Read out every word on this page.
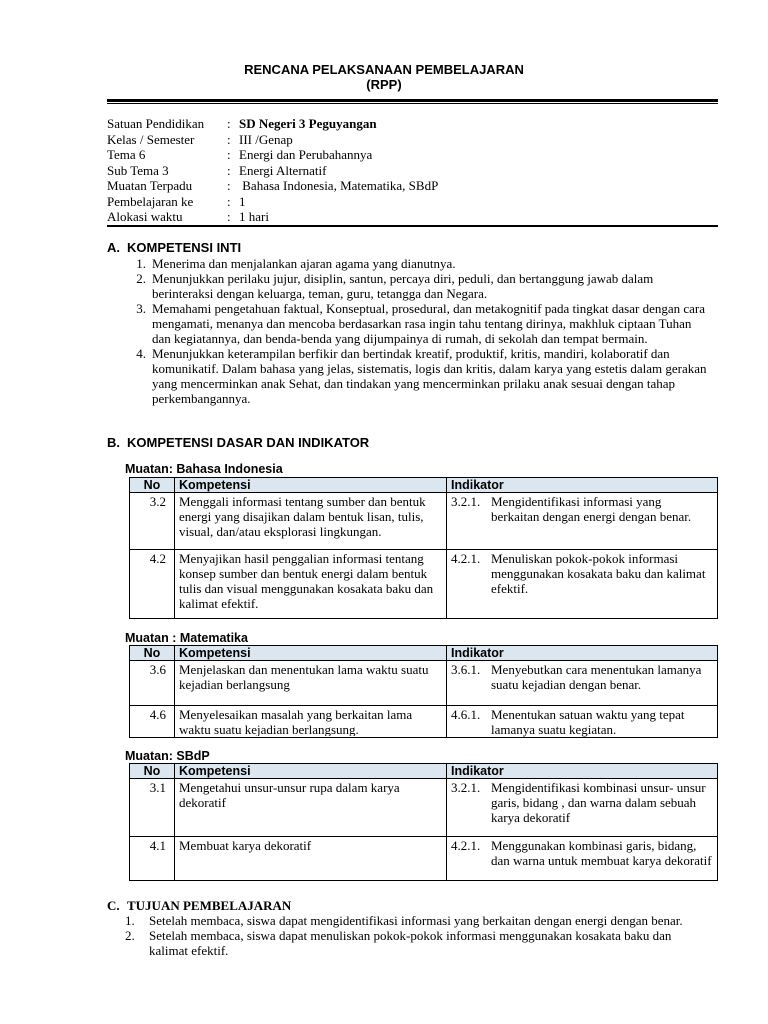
RENCANA PELAKSANAAN PEMBELAJARAN
(RPP)
Satuan Pendidikan	: SD Negeri 3 Peguyangan
Kelas / Semester	: III /Genap
Tema 6	: Energi dan Perubahannya
Sub Tema 3	: Energi Alternatif
Muatan Terpadu	: Bahasa Indonesia, Matematika, SBdP
Pembelajaran ke	: 1
Alokasi waktu	: 1 hari
A. KOMPETENSI INTI
1. Menerima dan menjalankan ajaran agama yang dianutnya.
2. Menunjukkan perilaku jujur, disiplin, santun, percaya diri, peduli, dan bertanggung jawab dalam berinteraksi dengan keluarga, teman, guru, tetangga dan Negara.
3. Memahami pengetahuan faktual, Konseptual, prosedural, dan metakognitif pada tingkat dasar dengan cara mengamati, menanya dan mencoba berdasarkan rasa ingin tahu tentang dirinya, makhluk ciptaan Tuhan dan kegiatannya, dan benda-benda yang dijumpainya di rumah, di sekolah dan tempat bermain.
4. Menunjukkan keterampilan berfikir dan bertindak kreatif, produktif, kritis, mandiri, kolaboratif dan komunikatif. Dalam bahasa yang jelas, sistematis, logis dan kritis, dalam karya yang estetis dalam gerakan yang mencerminkan anak Sehat, dan tindakan yang mencerminkan prilaku anak sesuai dengan tahap perkembangannya.
B. KOMPETENSI DASAR DAN INDIKATOR
Muatan: Bahasa Indonesia
No	Kompetensi	Indikator
3.2	Menggali informasi tentang sumber dan bentuk energi yang disajikan dalam bentuk lisan, tulis, visual, dan/atau eksplorasi lingkungan.	3.2.1. Mengidentifikasi informasi yang berkaitan dengan energi dengan benar.

4.2	Menyajikan hasil penggalian informasi tentang konsep sumber dan bentuk energi dalam bentuk tulis dan visual menggunakan kosakata baku dan kalimat efektif.	4.2.1. Menuliskan pokok-pokok informasi menggunakan kosakata baku dan kalimat efektif.
Muatan : Matematika
No	Kompetensi	Indikator
3.6	Menjelaskan dan menentukan lama waktu suatu kejadian berlangsung	3.6.1. Menyebutkan cara menentukan lamanya suatu kejadian dengan benar.

4.6	Menyelesaikan masalah yang berkaitan lama waktu suatu kejadian berlangsung.	4.6.1. Menentukan satuan waktu yang tepat lamanya suatu kegiatan.
Muatan: SBdP
No	Kompetensi	Indikator
3.1	Mengetahui unsur-unsur rupa dalam karya dekoratif	3.2.1. Mengidentifikasi kombinasi unsur- unsur garis, bidang , dan warna dalam sebuah karya dekoratif

4.1	Membuat karya dekoratif	4.2.1. Menggunakan kombinasi garis, bidang, dan warna untuk membuat karya dekoratif
C. TUJUAN PEMBELAJARAN
1.	Setelah membaca, siswa dapat mengidentifikasi informasi yang berkaitan dengan energi dengan benar.
2.	Setelah membaca, siswa dapat menuliskan pokok-pokok informasi menggunakan kosakata baku dan kalimat efektif.
